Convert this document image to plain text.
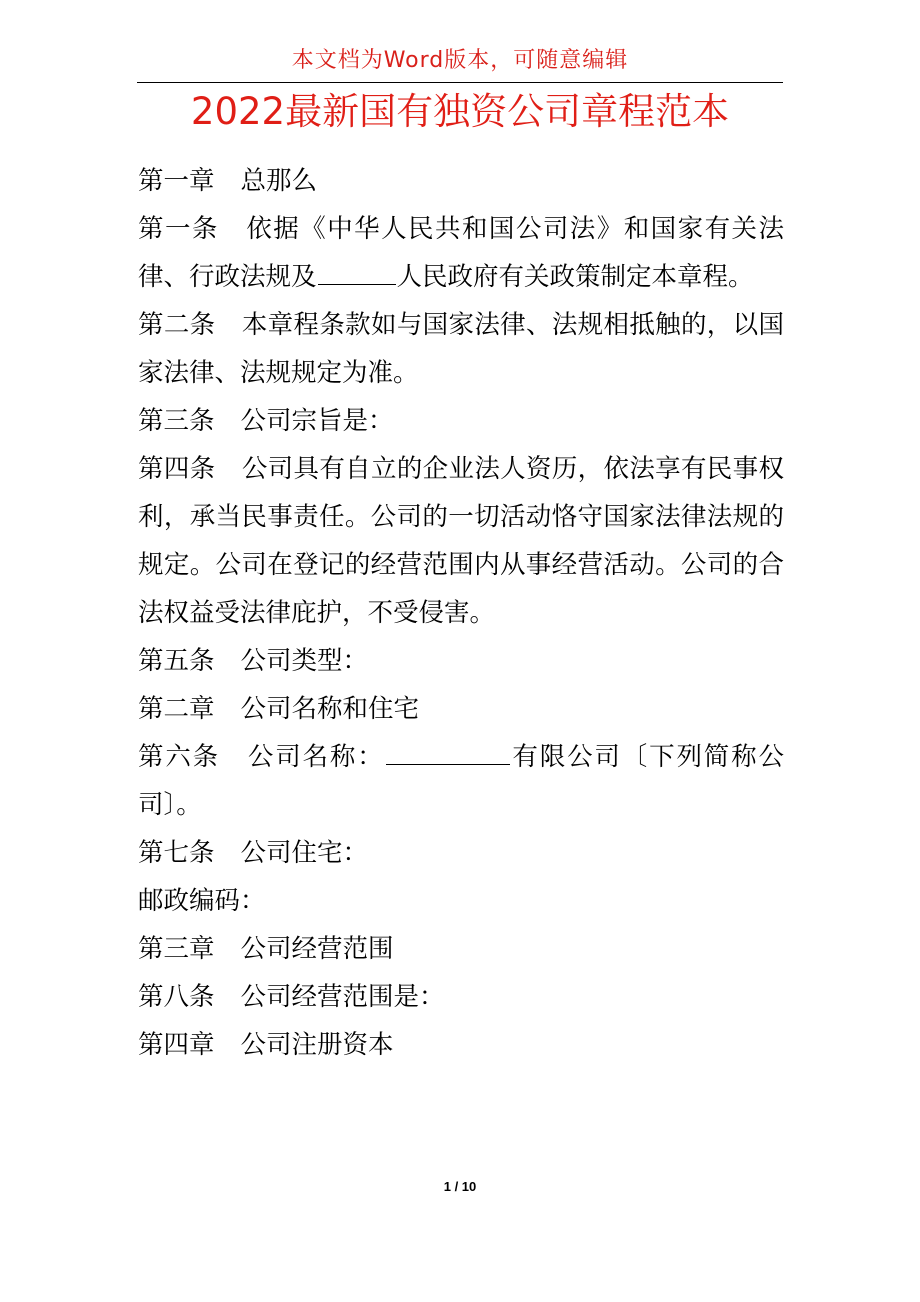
本文档为Word版本，可随意编辑
2022最新国有独资公司章程范本

第一章 总那么

第一条 依据《中华人民共和国公司法》和国家有关法律、行政法规及	人民政府有关政策制定本章程。

第二条 本章程条款如与国家法律、法规相抵触的，以国家法律、法规规定为准。

第三条 公司宗旨是：

第四条 公司具有自立的企业法人资历，依法享有民事权利，承当民事责任。公司的一切活动恪守国家法律法规的规定。公司在登记的经营范围内从事经营活动。公司的合法权益受法律庇护，不受侵害。

第五条 公司类型：

第二章 公司名称和住宅

第六条 公司名称：	有限公司〔下列简称公司〕。

第七条 公司住宅：

邮政编码：

第三章 公司经营范围

第八条 公司经营范围是：

第四章 公司注册资本

1 / 10
